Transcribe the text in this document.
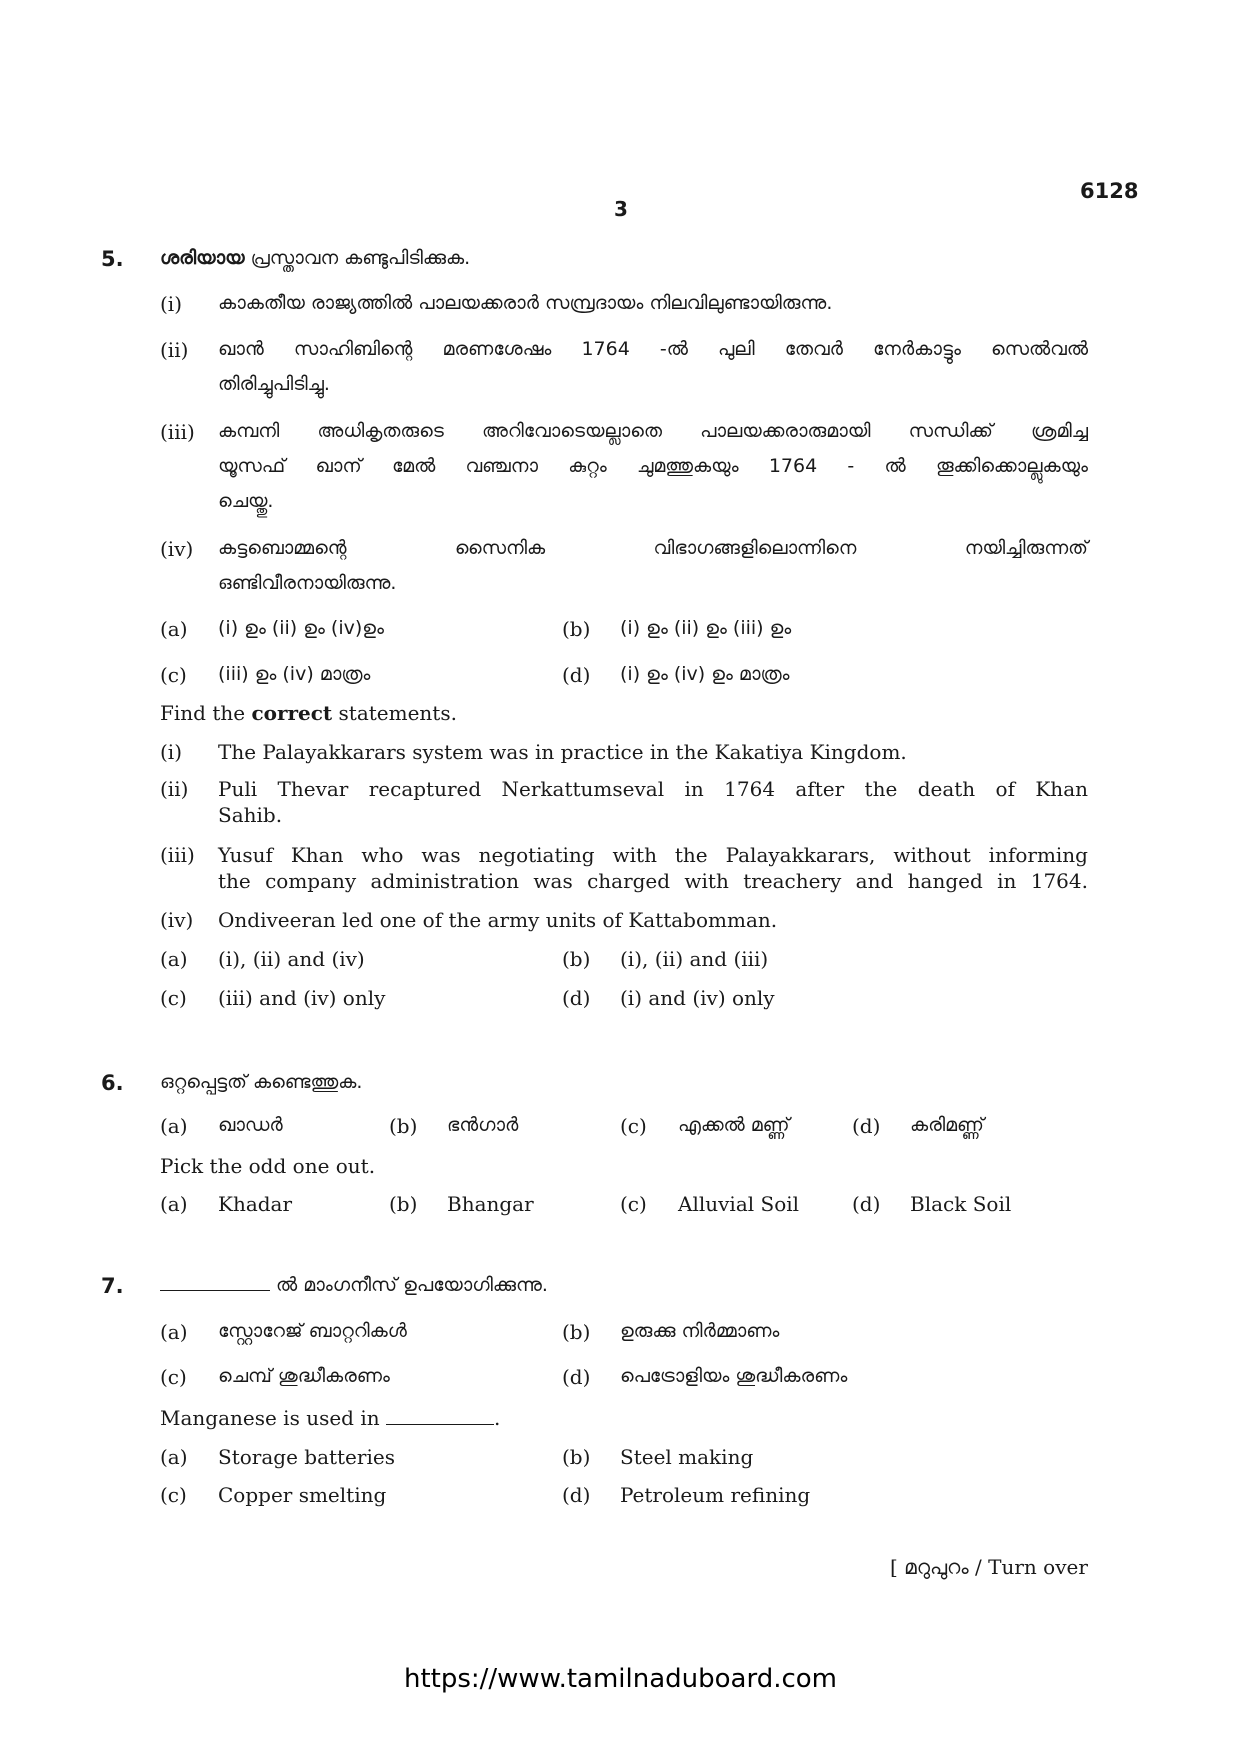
3
6128
5. ശരിയായ പ്രസ്താവന കണ്ടുപിടിക്കുക.
(i) കാകതീയ രാജ്യത്തിൽ പാലയക്കരാർ സമ്പ്രദായം നിലവിലുണ്ടായിരുന്നു.
(ii) ഖാൻ സാഹിബിന്റെ മരണശേഷം 1764 -ൽ പുലി തേവർ നേർകാട്ടും സെൽവൽ
തിരിച്ചുപിടിച്ചു.
(iii) കമ്പനി അധികൃതരുടെ അറിവോടെയല്ലാതെ പാലയക്കരാരുമായി സന്ധിക്ക് ശ്രമിച്ച
യൂസഫ് ഖാന് മേൽ വഞ്ചനാ കുറ്റം ചുമത്തുകയും 1764 - ൽ തൂക്കിക്കൊല്ലുകയും
ചെയ്തു.
(iv) കട്ടബൊമ്മന്റെ സൈനിക വിഭാഗങ്ങളിലൊന്നിനെ നയിച്ചിരുന്നത്
ഒണ്ടിവീരനായിരുന്നു.
(a) (i) ഉം (ii) ഉം (iv)ഉം	(b) (i) ഉം (ii) ഉം (iii) ഉം
(c) (iii) ഉം (iv) മാത്രം	(d) (i) ഉം (iv) ഉം മാത്രം
Find the correct statements.
(i) The Palayakkarars system was in practice in the Kakatiya Kingdom.
(ii) Puli Thevar recaptured Nerkattumseval in 1764 after the death of Khan
Sahib.
(iii) Yusuf Khan who was negotiating with the Palayakkarars, without informing
the company administration was charged with treachery and hanged in 1764.
(iv) Ondiveeran led one of the army units of Kattabomman.
(a) (i), (ii) and (iv)	(b) (i), (ii) and (iii)
(c) (iii) and (iv) only	(d) (i) and (iv) only
6. ഒറ്റപ്പെട്ടത് കണ്ടെത്തുക.
(a) ഖാഡർ	(b) ഭൻഗാർ	(c) എക്കൽ മണ്ണ്	(d) കരിമണ്ണ്
Pick the odd one out.
(a) Khadar	(b) Bhangar	(c) Alluvial Soil	(d) Black Soil
7.	ൽ മാംഗനീസ് ഉപയോഗിക്കുന്നു.
(a) സ്റ്റോറേജ് ബാറ്ററികൾ	(b) ഉരുക്കു നിർമ്മാണം
(c) ചെമ്പ് ശുദ്ധീകരണം	(d) പെട്രോളിയം ശുദ്ധീകരണം
Manganese is used in	.
(a) Storage batteries	(b) Steel making
(c) Copper smelting	(d) Petroleum refining
[ മറുപുറം / Turn over
https://www.tamilnaduboard.com
